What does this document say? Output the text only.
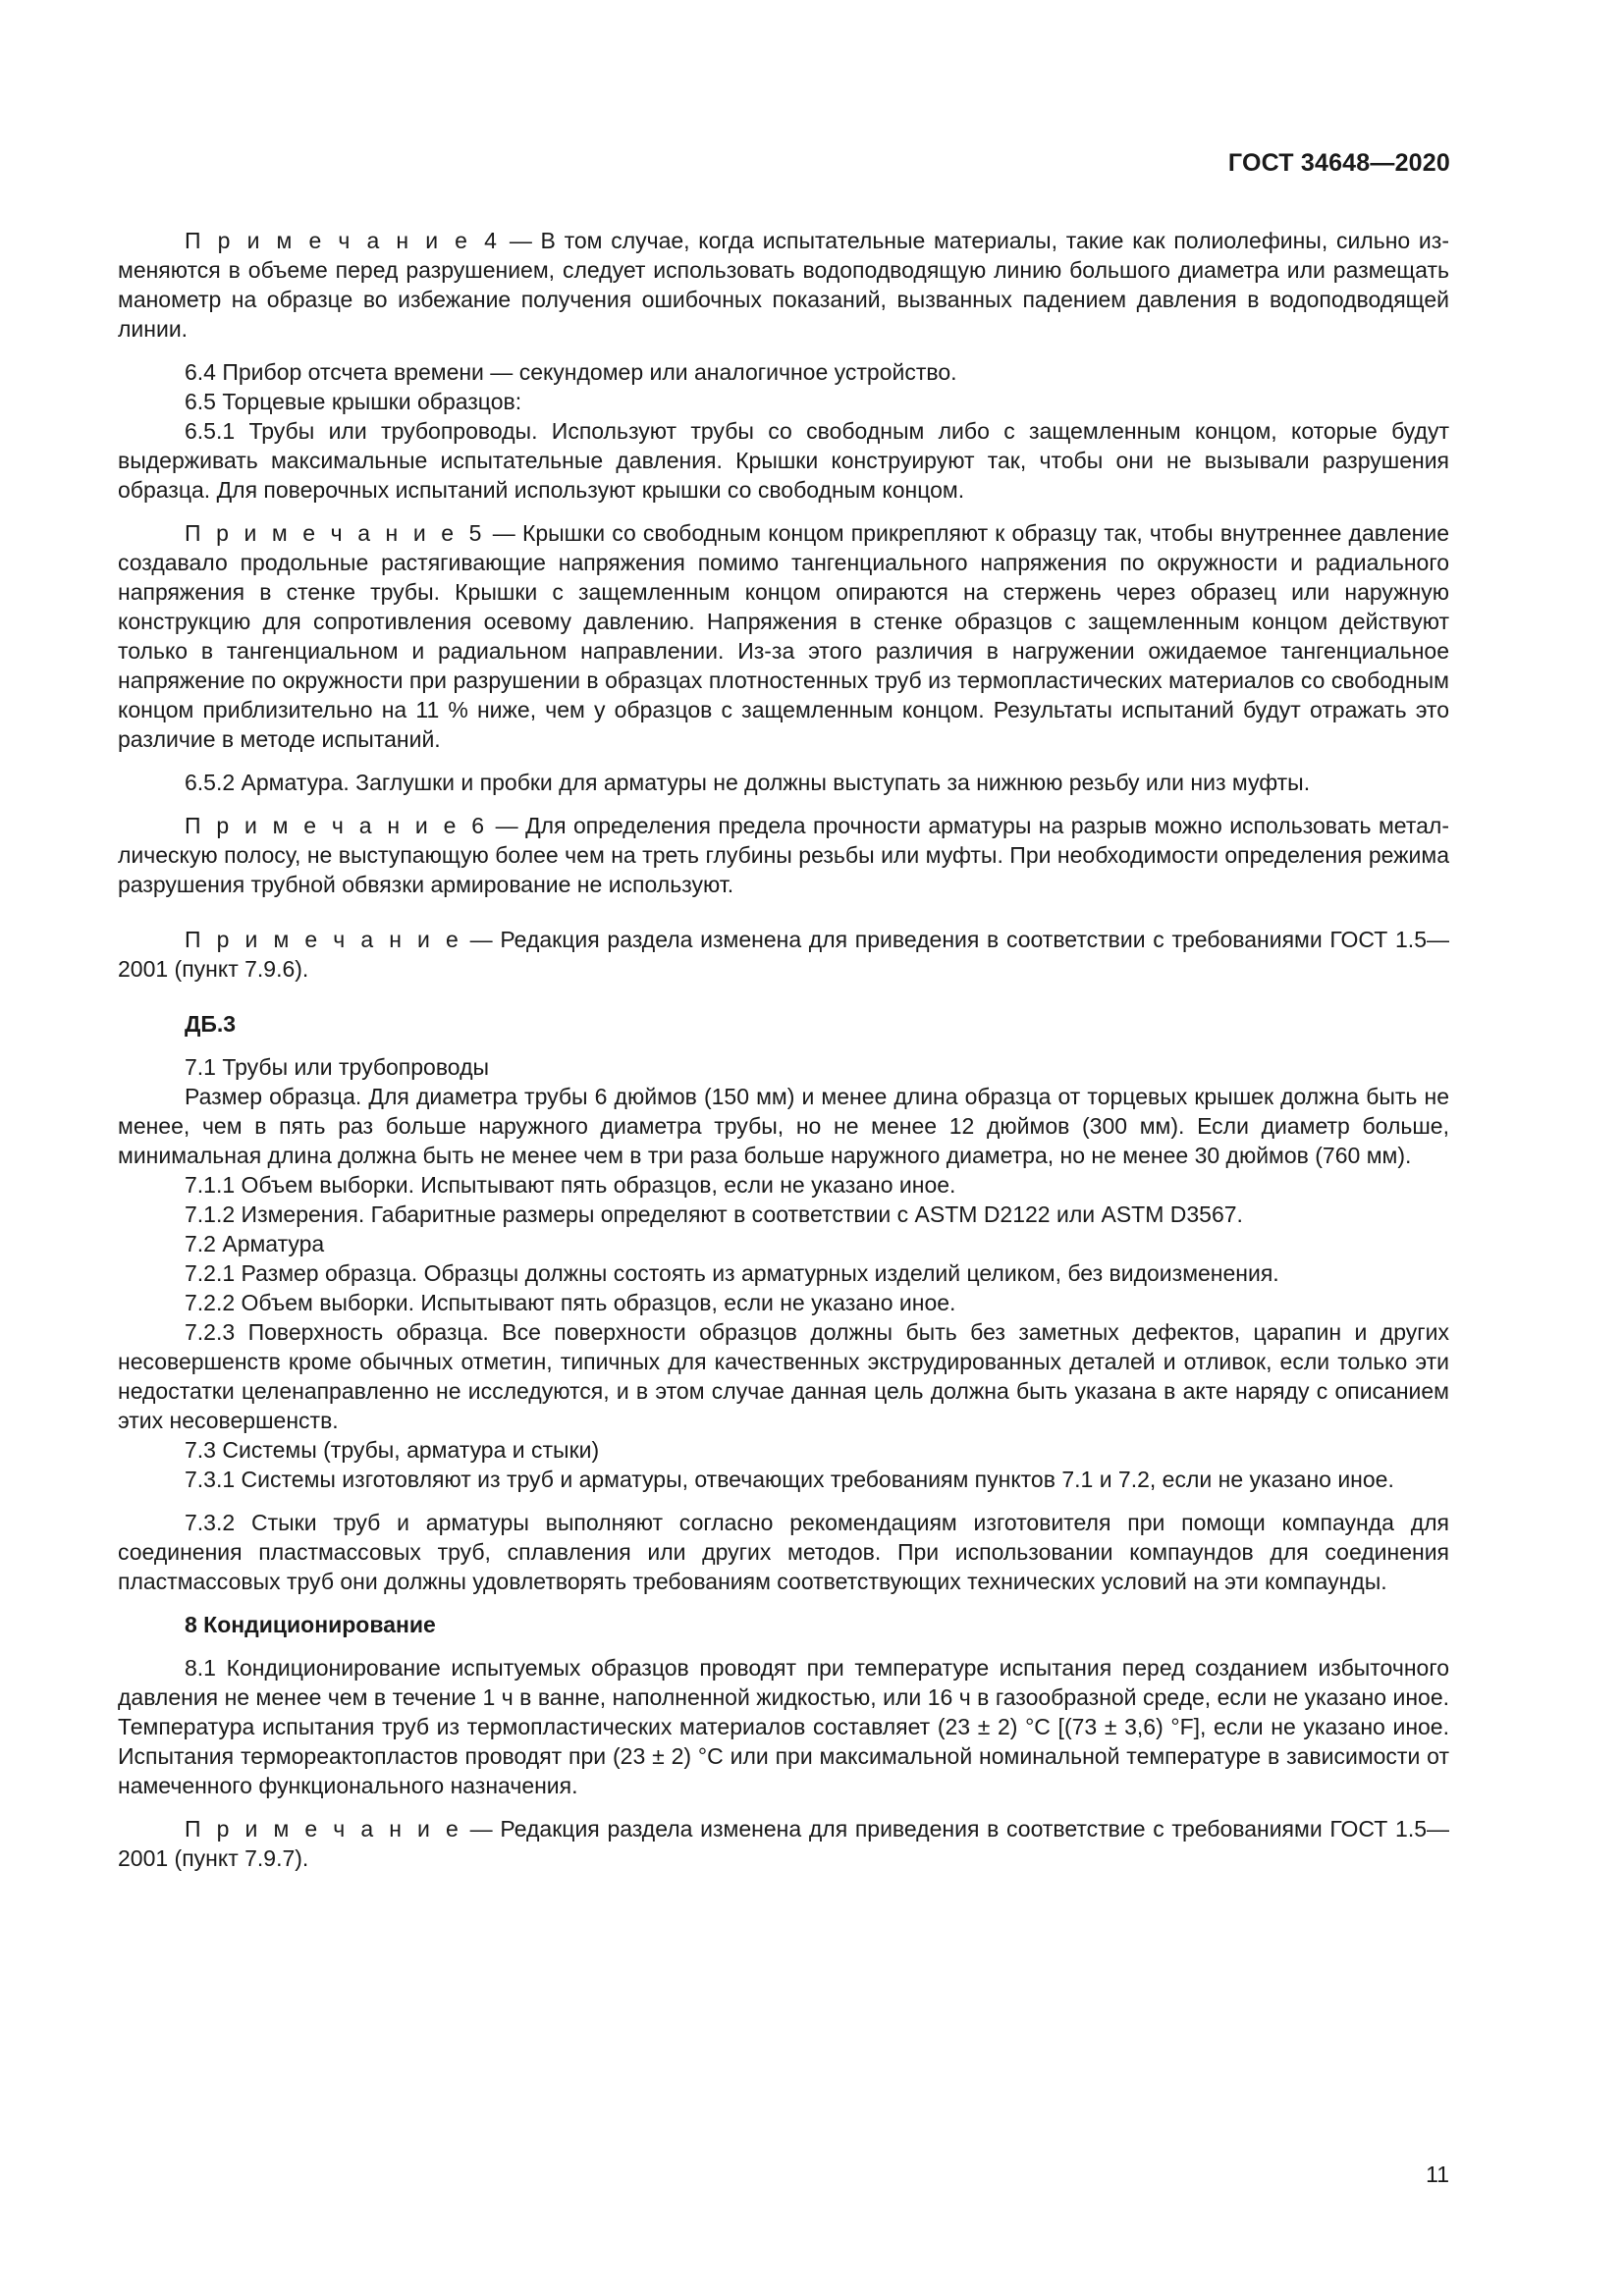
ГОСТ 34648—2020

П р и м е ч а н и е 4 — В том случае, когда испытательные материалы, такие как полиолефины, сильно изменяются в объеме перед разрушением, следует использовать водоподводящую линию большого диаметра или размещать манометр на образце во избежание получения ошибочных показаний, вызванных падением давления в водоподводящей линии.

6.4 Прибор отсчета времени — секундомер или аналогичное устройство.

6.5 Торцевые крышки образцов:

6.5.1 Трубы или трубопроводы. Используют трубы со свободным либо с защемленным концом, которые будут выдерживать максимальные испытательные давления. Крышки конструируют так, чтобы они не вызывали разрушения образца. Для поверочных испытаний используют крышки со свободным концом.

П р и м е ч а н и е 5 — Крышки со свободным концом прикрепляют к образцу так, чтобы внутреннее давление создавало продольные растягивающие напряжения помимо тангенциального напряжения по окружности и радиального напряжения в стенке трубы. Крышки с защемленным концом опираются на стержень через образец или наружную конструкцию для сопротивления осевому давлению. Напряжения в стенке образцов с защемленным концом действуют только в тангенциальном и радиальном направлении. Из-за этого различия в нагружении ожидаемое тангенциальное напряжение по окружности при разрушении в образцах плотностенных труб из термопластических материалов со свободным концом приблизительно на 11 % ниже, чем у образцов с защемленным концом. Результаты испытаний будут отражать это различие в методе испытаний.

6.5.2 Арматура. Заглушки и пробки для арматуры не должны выступать за нижнюю резьбу или низ муфты.

П р и м е ч а н и е 6 — Для определения предела прочности арматуры на разрыв можно использовать металлическую полосу, не выступающую более чем на треть глубины резьбы или муфты. При необходимости определения режима разрушения трубной обвязки армирование не используют.

П р и м е ч а н и е — Редакция раздела изменена для приведения в соответствии с требованиями ГОСТ 1.5—2001 (пункт 7.9.6).

ДБ.3

7.1 Трубы или трубопроводы

Размер образца. Для диаметра трубы 6 дюймов (150 мм) и менее длина образца от торцевых крышек должна быть не менее, чем в пять раз больше наружного диаметра трубы, но не менее 12 дюймов (300 мм). Если диаметр больше, минимальная длина должна быть не менее чем в три раза больше наружного диаметра, но не менее 30 дюймов (760 мм).

7.1.1 Объем выборки. Испытывают пять образцов, если не указано иное.

7.1.2 Измерения. Габаритные размеры определяют в соответствии с ASTM D2122 или ASTM D3567.

7.2 Арматура

7.2.1 Размер образца. Образцы должны состоять из арматурных изделий целиком, без видоизменения.

7.2.2 Объем выборки. Испытывают пять образцов, если не указано иное.

7.2.3 Поверхность образца. Все поверхности образцов должны быть без заметных дефектов, царапин и других несовершенств кроме обычных отметин, типичных для качественных экструдированных деталей и отливок, если только эти недостатки целенаправленно не исследуются, и в этом случае данная цель должна быть указана в акте наряду с описанием этих несовершенств.

7.3 Системы (трубы, арматура и стыки)

7.3.1 Системы изготовляют из труб и арматуры, отвечающих требованиям пунктов 7.1 и 7.2, если не указано иное.

7.3.2 Стыки труб и арматуры выполняют согласно рекомендациям изготовителя при помощи компаунда для соединения пластмассовых труб, сплавления или других методов. При использовании компаундов для соединения пластмассовых труб они должны удовлетворять требованиям соответствующих технических условий на эти компаунды.

8 Кондиционирование

8.1 Кондиционирование испытуемых образцов проводят при температуре испытания перед созданием избыточного давления не менее чем в течение 1 ч в ванне, наполненной жидкостью, или 16 ч в газообразной среде, если не указано иное. Температура испытания труб из термопластических материалов составляет (23 ± 2) °С [(73 ± 3,6) °F], если не указано иное. Испытания термореактопластов проводят при (23 ± 2) °С или при максимальной номинальной температуре в зависимости от намеченного функционального назначения.

П р и м е ч а н и е — Редакция раздела изменена для приведения в соответствие с требованиями ГОСТ 1.5—2001 (пункт 7.9.7).

11
